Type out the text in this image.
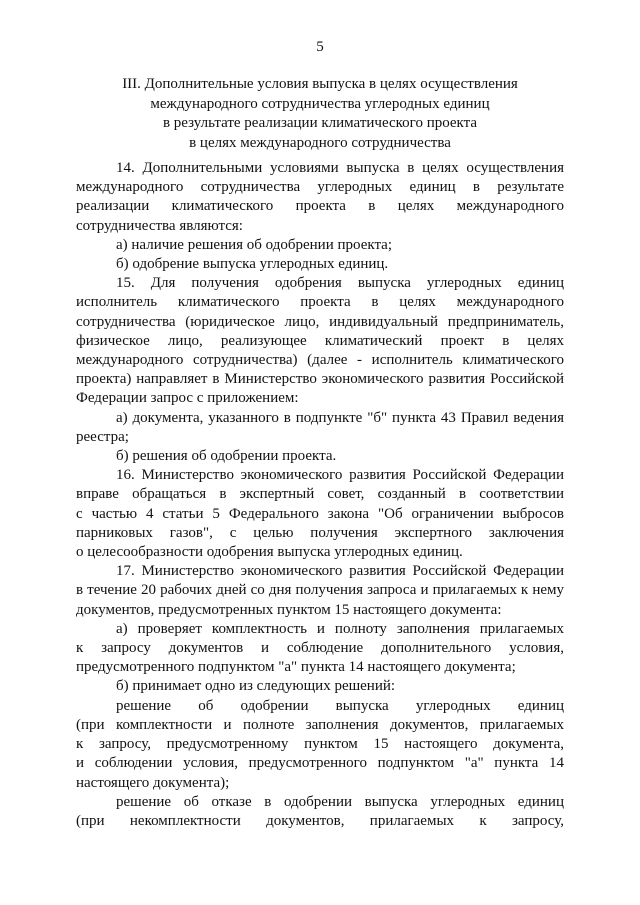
5
III. Дополнительные условия выпуска в целях осуществления
международного сотрудничества углеродных единиц
в результате реализации климатического проекта
в целях международного сотрудничества

14. Дополнительными условиями выпуска в целях осуществления
международного сотрудничества углеродных единиц в результате
реализации климатического проекта в целях международного
сотрудничества являются:

а) наличие решения об одобрении проекта;

б) одобрение выпуска углеродных единиц.

15. Для получения одобрения выпуска углеродных единиц
исполнитель климатического проекта в целях международного
сотрудничества (юридическое лицо, индивидуальный предприниматель,
физическое лицо, реализующее климатический проект в целях
международного сотрудничества) (далее - исполнитель климатического
проекта) направляет в Министерство экономического развития Российской
Федерации запрос с приложением:

а) документа, указанного в подпункте "б" пункта 43 Правил ведения
реестра;

б) решения об одобрении проекта.

16. Министерство экономического развития Российской Федерации
вправе обращаться в экспертный совет, созданный в соответствии
с частью 4 статьи 5 Федерального закона "Об ограничении выбросов
парниковых газов", с целью получения экспертного заключения
о целесообразности одобрения выпуска углеродных единиц.

17. Министерство экономического развития Российской Федерации
в течение 20 рабочих дней со дня получения запроса и прилагаемых к нему
документов, предусмотренных пунктом 15 настоящего документа:

а) проверяет комплектность и полноту заполнения прилагаемых
к запросу документов и соблюдение дополнительного условия,
предусмотренного подпунктом "а" пункта 14 настоящего документа;

б) принимает одно из следующих решений:

решение об одобрении выпуска углеродных единиц
(при комплектности и полноте заполнения документов, прилагаемых
к запросу, предусмотренному пунктом 15 настоящего документа,
и соблюдении условия, предусмотренного подпунктом "а" пункта 14
настоящего документа);

решение об отказе в одобрении выпуска углеродных единиц
(при некомплектности документов, прилагаемых к запросу,
